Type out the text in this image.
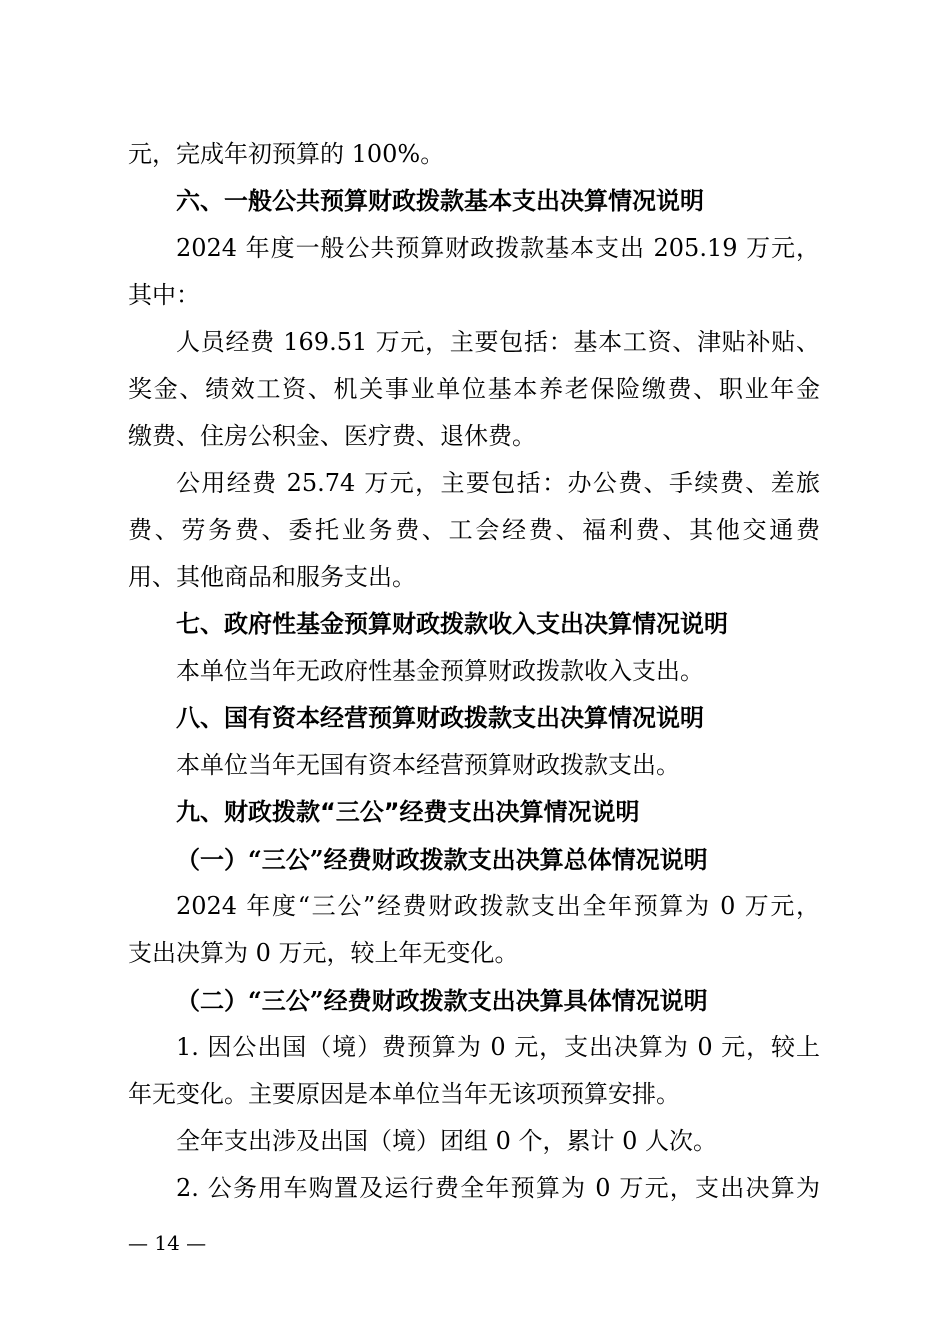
元，完成年初预算的 100%。
六、一般公共预算财政拨款基本支出决算情况说明
2024 年度一般公共预算财政拨款基本支出 205.19 万元，
其中：
人员经费 169.51 万元，主要包括：基本工资、津贴补贴、
奖金、绩效工资、机关事业单位基本养老保险缴费、职业年金
缴费、住房公积金、医疗费、退休费。
公用经费 25.74 万元，主要包括：办公费、手续费、差旅
费、劳务费、委托业务费、工会经费、福利费、其他交通费
用、其他商品和服务支出。
七、政府性基金预算财政拨款收入支出决算情况说明
本单位当年无政府性基金预算财政拨款收入支出。
八、国有资本经营预算财政拨款支出决算情况说明
本单位当年无国有资本经营预算财政拨款支出。
九、财政拨款“三公”经费支出决算情况说明
（一）“三公”经费财政拨款支出决算总体情况说明
2024 年度“三公”经费财政拨款支出全年预算为 0 万元，
支出决算为 0 万元，较上年无变化。
（二）“三公”经费财政拨款支出决算具体情况说明
1. 因公出国（境）费预算为 0 元，支出决算为 0 元，较上
年无变化。主要原因是本单位当年无该项预算安排。
全年支出涉及出国（境）团组 0 个，累计 0 人次。
2. 公务用车购置及运行费全年预算为 0 万元，支出决算为
— 14 —
